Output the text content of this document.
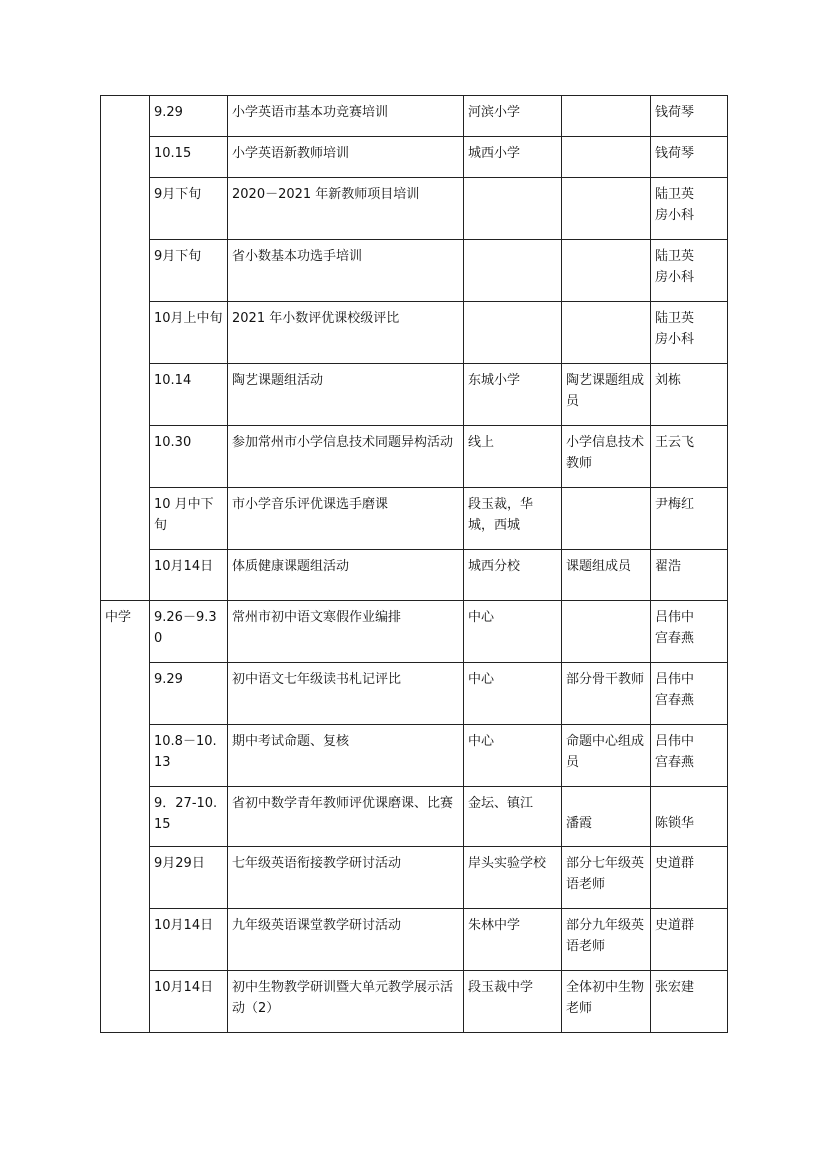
	9.29	小学英语市基本功竞赛培训	河滨小学		钱荷琴
	10.15	小学英语新教师培训	城西小学		钱荷琴
	9月下旬	2020－2021 年新教师项目培训			陆卫英
房小科
	9月下旬	省小数基本功选手培训			陆卫英
房小科
	10月上中旬	2021 年小数评优课校级评比			陆卫英
房小科
	10.14	陶艺课题组活动	东城小学	陶艺课题组成员	刘栋
	10.30	参加常州市小学信息技术同题异构活动	线上	小学信息技术教师	王云飞
	10 月中下旬	市小学音乐评优课选手磨课	段玉裁，华城，西城		尹梅红
	10月14日	体质健康课题组活动	城西分校	课题组成员	翟浩
中学	9.26－9.30	常州市初中语文寒假作业编排	中心		吕伟中
宫春燕
	9.29	初中语文七年级读书札记评比	中心	部分骨干教师	吕伟中
宫春燕
	10.8－10.13	期中考试命题、复核	中心	命题中心组成员	吕伟中
宫春燕
	9．27-10.15	省初中数学青年教师评优课磨课、比赛	金坛、镇江	潘霞	陈锁华
	9月29日	七年级英语衔接教学研讨活动	岸头实验学校	部分七年级英语老师	史道群
	10月14日	九年级英语课堂教学研讨活动	朱林中学	部分九年级英语老师	史道群
	10月14日	初中生物教学研训暨大单元教学展示活动（2）	段玉裁中学	全体初中生物老师	张宏建
